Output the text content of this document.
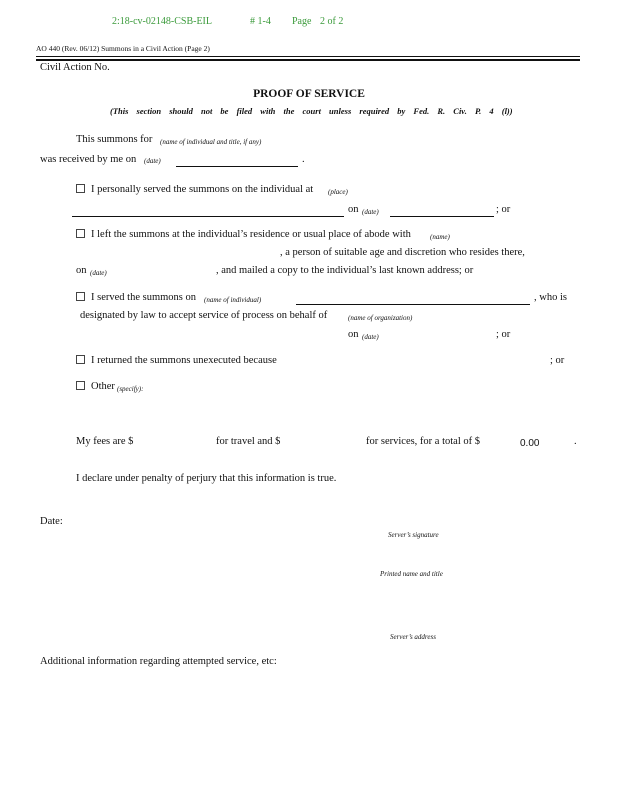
2:18-cv-02148-CSB-EIL	# 1-4 Page 2 of 2
AO 440 (Rev. 06/12) Summons in a Civil Action (Page 2)
Civil Action No.
PROOF OF SERVICE
(This section should not be filed with the court unless required by Fed. R. Civ. P. 4 (l))
This summons for (name of individual and title, if any)
was received by me on (date)	.
I personally served the summons on the individual at (place)
on (date)	; or
I left the summons at the individual’s residence or usual place of abode with	(name)
, a person of suitable age and discretion who resides there,
on (date)	, and mailed a copy to the individual’s last known address; or
I served the summons on (name of individual)	, who is
designated by law to accept service of process on behalf of	(name of organization)
on (date)	; or
I returned the summons unexecuted because	; or
Other (specify):
My fees are $	for travel and $	for services, for a total of $	0.00	.
I declare under penalty of perjury that this information is true.
Date:
Server’s signature
Printed name and title
Server’s address
Additional information regarding attempted service, etc:
